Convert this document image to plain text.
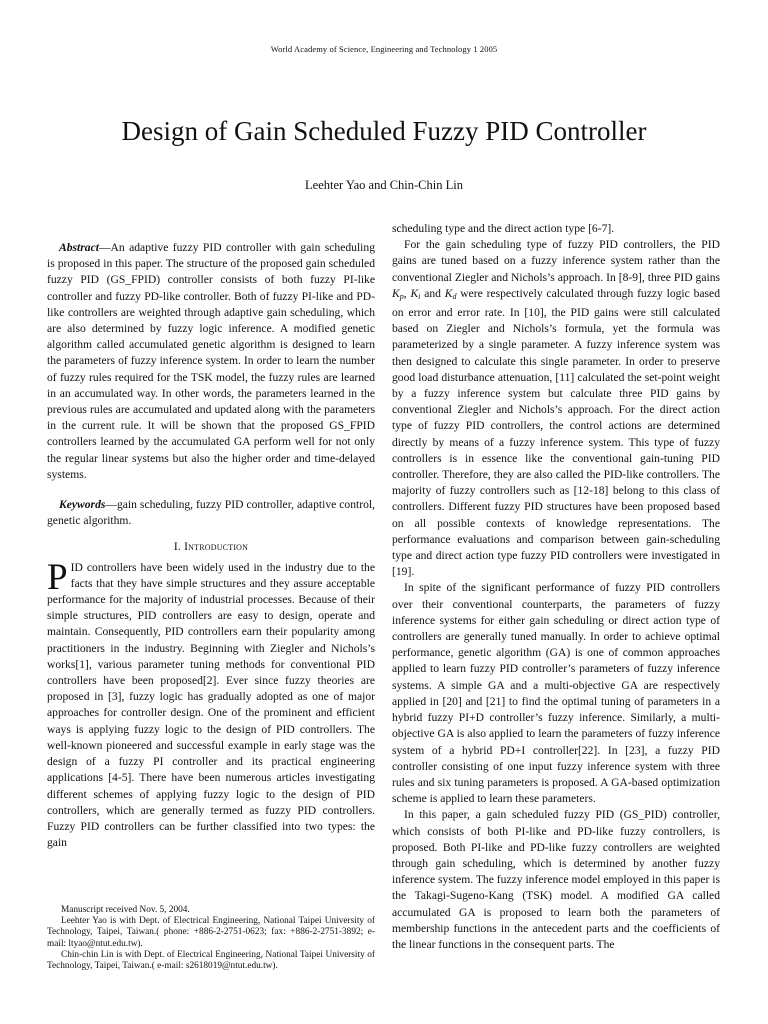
World Academy of Science, Engineering and Technology 1 2005
Design of Gain Scheduled Fuzzy PID Controller
Leehter Yao and Chin-Chin Lin

Abstract—An adaptive fuzzy PID controller with gain scheduling is proposed in this paper. The structure of the proposed gain scheduled fuzzy PID (GS_FPID) controller consists of both fuzzy PI-like controller and fuzzy PD-like controller. Both of fuzzy PI-like and PD-like controllers are weighted through adaptive gain scheduling, which are also determined by fuzzy logic inference. A modified genetic algorithm called accumulated genetic algorithm is designed to learn the parameters of fuzzy inference system. In order to learn the number of fuzzy rules required for the TSK model, the fuzzy rules are learned in an accumulated way. In other words, the parameters learned in the previous rules are accumulated and updated along with the parameters in the current rule. It will be shown that the proposed GS_FPID controllers learned by the accumulated GA perform well for not only the regular linear systems but also the higher order and time-delayed systems.

Keywords—gain scheduling, fuzzy PID controller, adaptive control, genetic algorithm.

I. Introduction

PID controllers have been widely used in the industry due to the facts that they have simple structures and they assure acceptable performance for the majority of industrial processes. Because of their simple structures, PID controllers are easy to design, operate and maintain. Consequently, PID controllers earn their popularity among practitioners in the industry. Beginning with Ziegler and Nichols’s works[1], various parameter tuning methods for conventional PID controllers have been proposed[2]. Ever since fuzzy theories are proposed in [3], fuzzy logic has gradually adopted as one of major approaches for controller design. One of the prominent and efficient ways is applying fuzzy logic to the design of PID controllers. The well-known pioneered and successful example in early stage was the design of a fuzzy PI controller and its practical engineering applications [4-5]. There have been numerous articles investigating different schemes of applying fuzzy logic to the design of PID controllers, which are generally termed as fuzzy PID controllers. Fuzzy PID controllers can be further classified into two types: the gain

Manuscript received Nov. 5, 2004.

Leehter Yao is with Dept. of Electrical Engineering, National Taipei University of Technology, Taipei, Taiwan.( phone: +886-2-2751-0623; fax: +886-2-2751-3892; e-mail: ltyao@ntut.edu.tw).

Chin-chin Lin is with Dept. of Electrical Engineering, National Taipei University of Technology, Taipei, Taiwan.( e-mail: s2618019@ntut.edu.tw).

scheduling type and the direct action type [6-7].

For the gain scheduling type of fuzzy PID controllers, the PID gains are tuned based on a fuzzy inference system rather than the conventional Ziegler and Nichols’s approach. In [8-9], three PID gains $K_p$, $K_i$ and $K_d$ were respectively calculated through fuzzy logic based on error and error rate. In [10], the PID gains were still calculated based on Ziegler and Nichols’s formula, yet the formula was parameterized by a single parameter. A fuzzy inference system was then designed to calculate this single parameter. In order to preserve good load disturbance attenuation, [11] calculated the set-point weight by a fuzzy inference system but calculate three PID gains by conventional Ziegler and Nichols’s approach. For the direct action type of fuzzy PID controllers, the control actions are determined directly by means of a fuzzy inference system. This type of fuzzy controllers is in essence like the conventional gain-tuning PID controller. Therefore, they are also called the PID-like controllers. The majority of fuzzy controllers such as [12-18] belong to this class of controllers. Different fuzzy PID structures have been proposed based on all possible contexts of knowledge representations. The performance evaluations and comparison between gain-scheduling type and direct action type fuzzy PID controllers were investigated in [19].

In spite of the significant performance of fuzzy PID controllers over their conventional counterparts, the parameters of fuzzy inference systems for either gain scheduling or direct action type of controllers are generally tuned manually. In order to achieve optimal performance, genetic algorithm (GA) is one of common approaches applied to learn fuzzy PID controller’s parameters of fuzzy inference systems. A simple GA and a multi-objective GA are respectively applied in [20] and [21] to find the optimal tuning of parameters in a hybrid fuzzy PI+D controller’s fuzzy inference. Similarly, a multi-objective GA is also applied to learn the parameters of fuzzy inference system of a hybrid PD+I controller[22]. In [23], a fuzzy PID controller consisting of one input fuzzy inference system with three rules and six tuning parameters is proposed. A GA-based optimization scheme is applied to learn these parameters.

In this paper, a gain scheduled fuzzy PID (GS_PID) controller, which consists of both PI-like and PD-like fuzzy controllers, is proposed. Both PI-like and PD-like fuzzy controllers are weighted through gain scheduling, which is determined by another fuzzy inference system. The fuzzy inference model employed in this paper is the Takagi-Sugeno-Kang (TSK) model. A modified GA called accumulated GA is proposed to learn both the parameters of membership functions in the antecedent parts and the coefficients of the linear functions in the consequent parts. The
